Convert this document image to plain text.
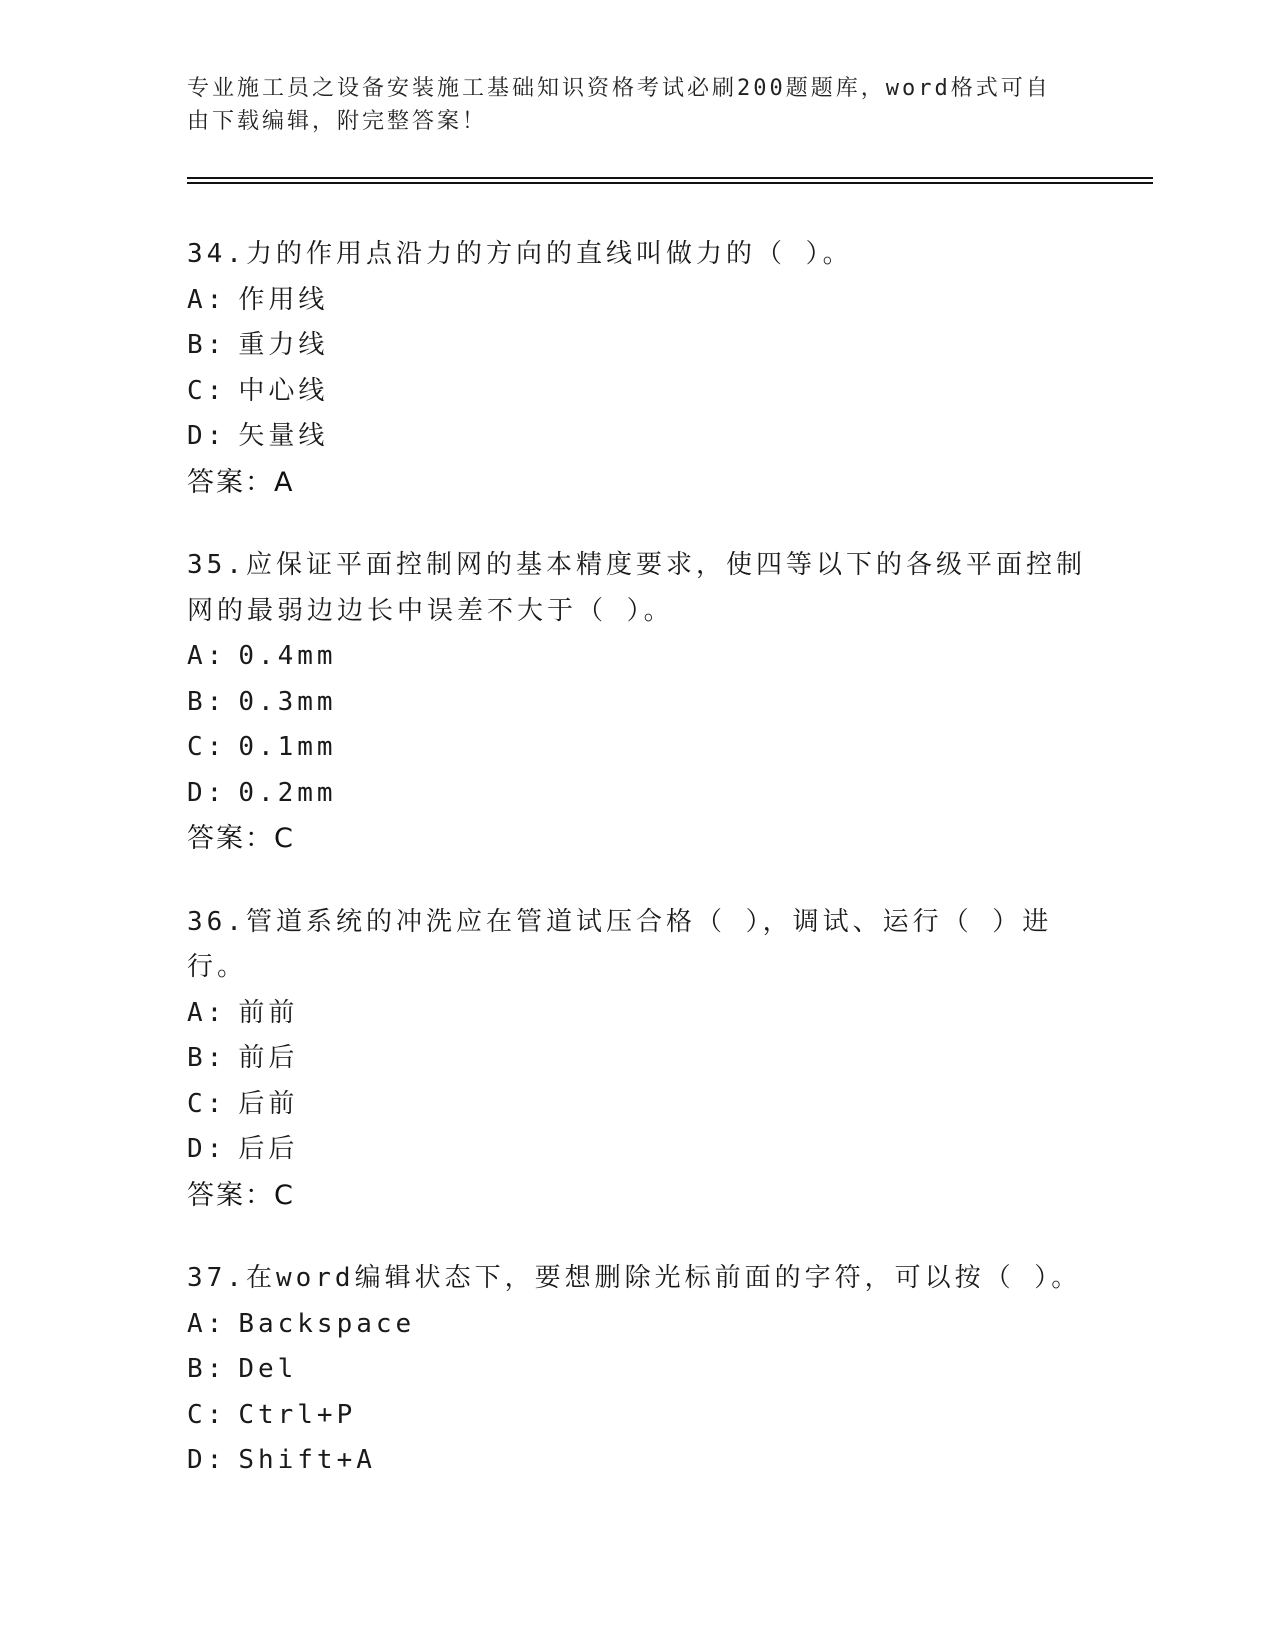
专业施工员之设备安装施工基础知识资格考试必刷200题题库，word格式可自由下载编辑，附完整答案！
34.力的作用点沿力的方向的直线叫做力的（ ）。
A: 作用线
B: 重力线
C: 中心线
D: 矢量线
答案：A
35.应保证平面控制网的基本精度要求，使四等以下的各级平面控制网的最弱边边长中误差不大于（ ）。
A: 0.4mm
B: 0.3mm
C: 0.1mm
D: 0.2mm
答案：C
36.管道系统的冲洗应在管道试压合格（ ），调试、运行（ ）进行。
A: 前前
B: 前后
C: 后前
D: 后后
答案：C
37.在word编辑状态下，要想删除光标前面的字符，可以按（ ）。
A: Backspace
B: Del
C: Ctrl+P
D: Shift+A
